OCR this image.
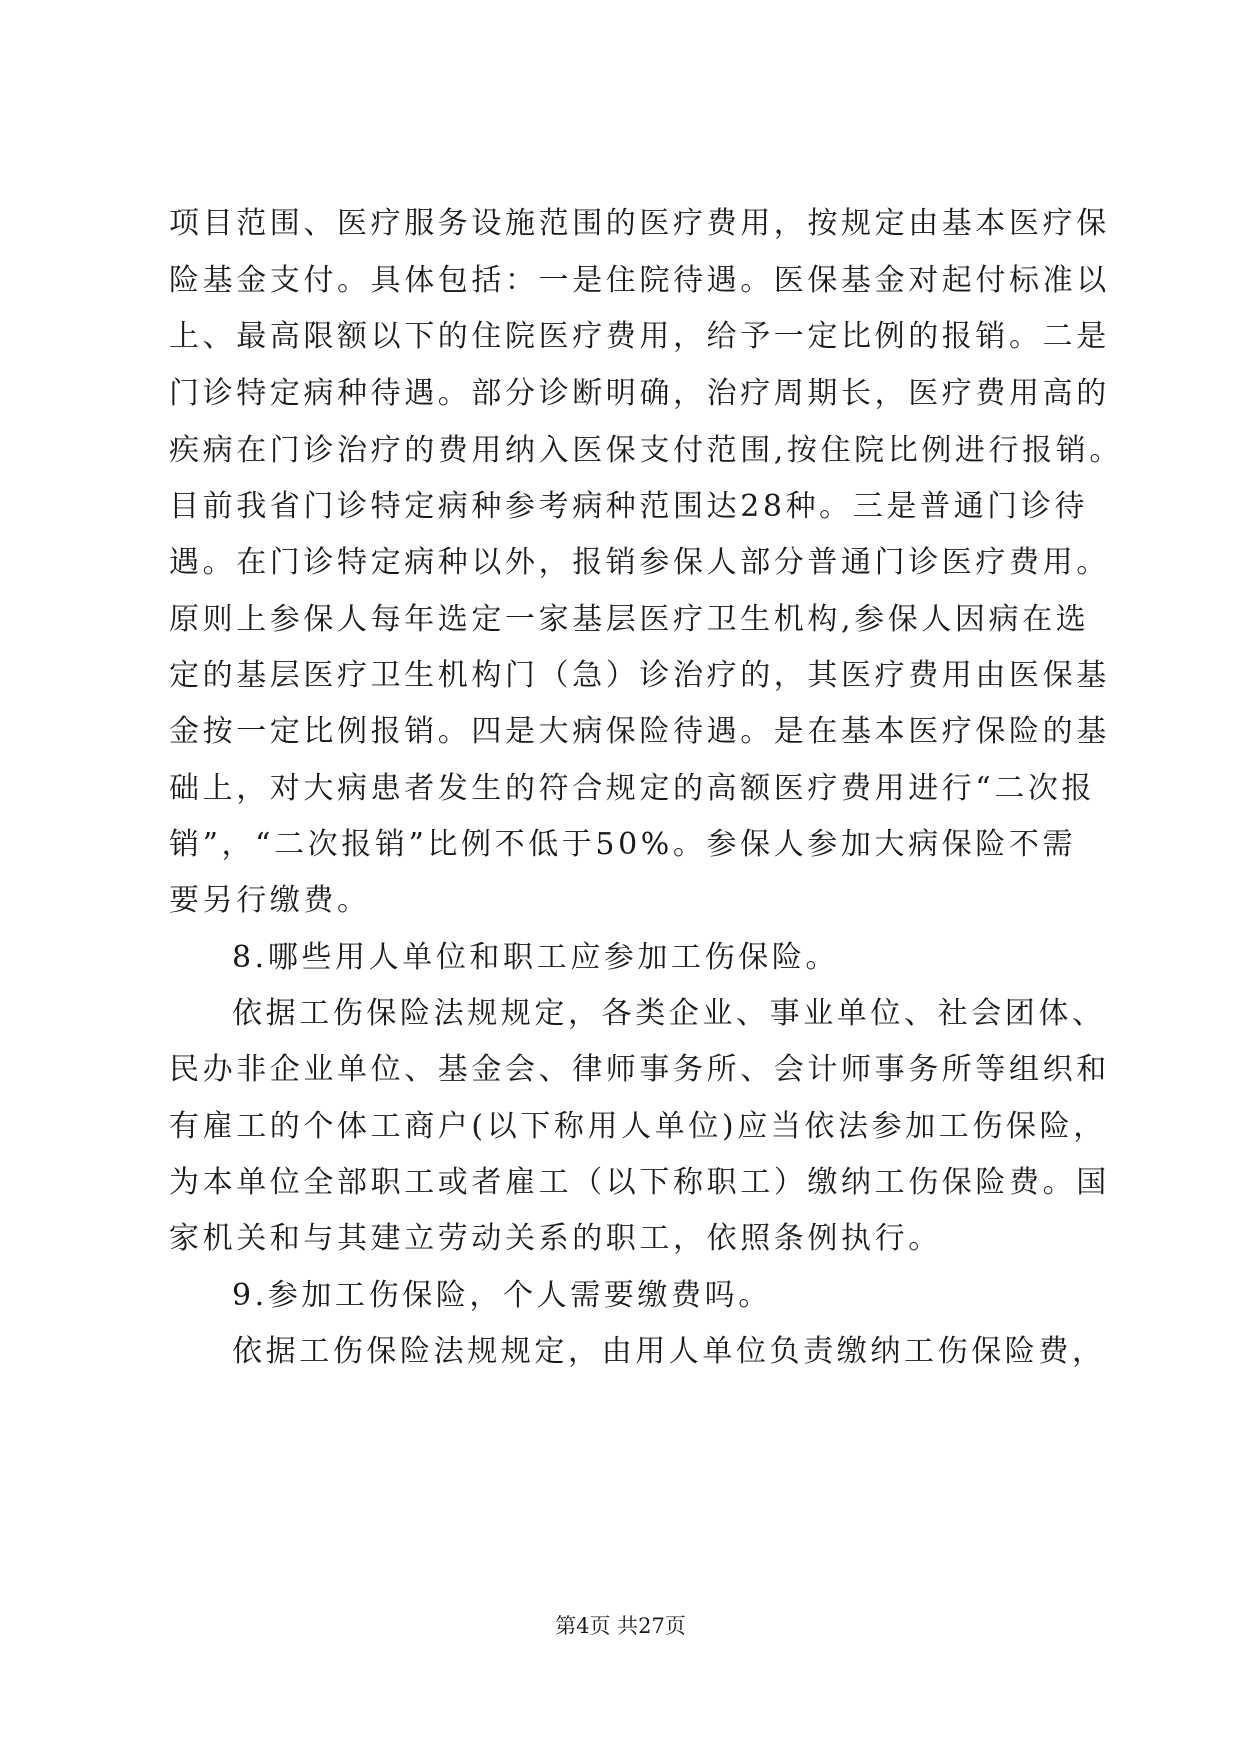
项目范围、医疗服务设施范围的医疗费用，按规定由基本医疗保
险基金支付。具体包括：一是住院待遇。医保基金对起付标准以
上、最高限额以下的住院医疗费用，给予一定比例的报销。二是
门诊特定病种待遇。部分诊断明确，治疗周期长，医疗费用高的
疾病在门诊治疗的费用纳入医保支付范围,按住院比例进行报销。
目前我省门诊特定病种参考病种范围达28种。三是普通门诊待
遇。在门诊特定病种以外，报销参保人部分普通门诊医疗费用。
原则上参保人每年选定一家基层医疗卫生机构,参保人因病在选
定的基层医疗卫生机构门（急）诊治疗的，其医疗费用由医保基
金按一定比例报销。四是大病保险待遇。是在基本医疗保险的基
础上，对大病患者发生的符合规定的高额医疗费用进行“二次报
销”，“二次报销”比例不低于50%。参保人参加大病保险不需
要另行缴费。
8.哪些用人单位和职工应参加工伤保险。
依据工伤保险法规规定，各类企业、事业单位、社会团体、
民办非企业单位、基金会、律师事务所、会计师事务所等组织和
有雇工的个体工商户(以下称用人单位)应当依法参加工伤保险，
为本单位全部职工或者雇工（以下称职工）缴纳工伤保险费。国
家机关和与其建立劳动关系的职工，依照条例执行。
9.参加工伤保险，个人需要缴费吗。
依据工伤保险法规规定，由用人单位负责缴纳工伤保险费，
第4页 共27页
